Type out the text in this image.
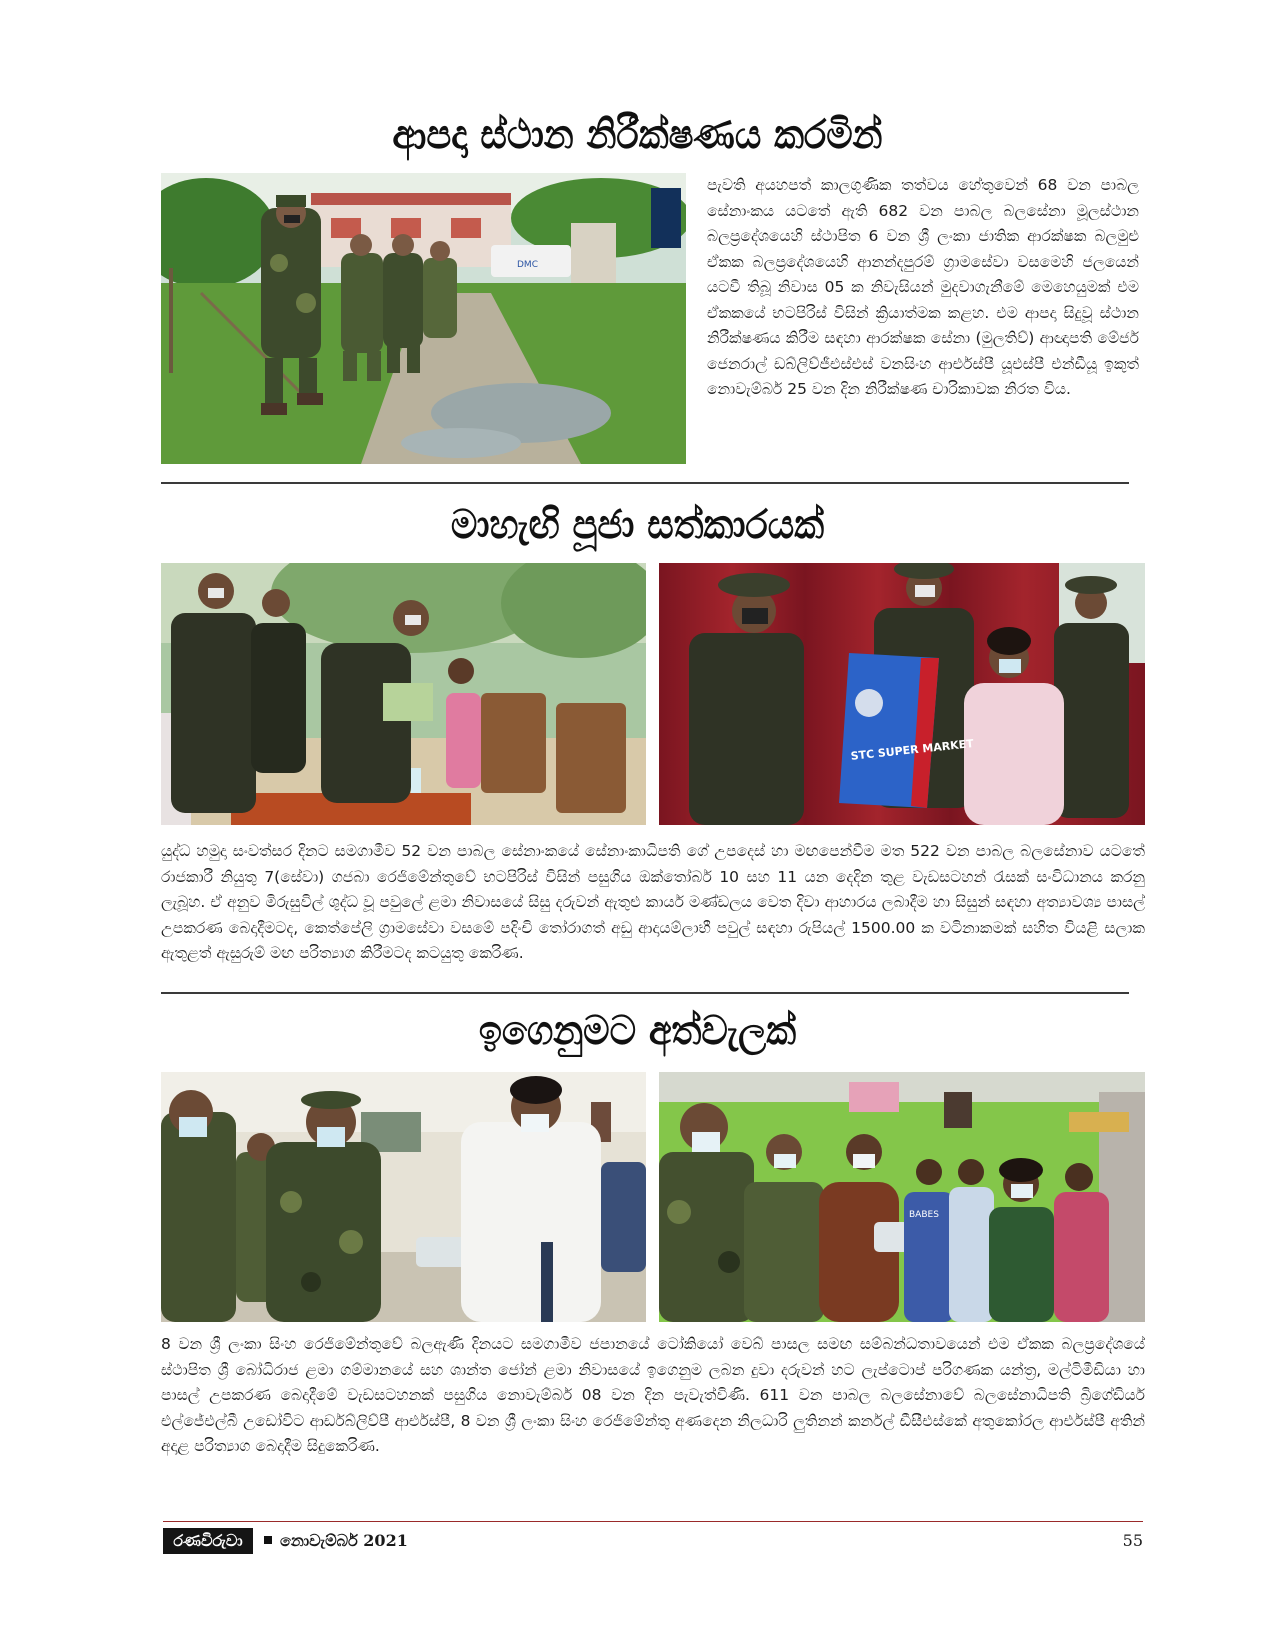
ආපදා ස්ථාන නිරීක්ෂණය කරමින්
DMC
පැවති අයහපත් කාලගුණික තත්වය හේතුවෙන් 68 වන පාබල සේනාංකය යටතේ ඇති 682 වන පාබල බලසේනා මූලස්ථාන බලප්‍රදේශයෙහි ස්ථාපිත 6 වන ශ්‍රී ලංකා ජාතික ආරක්ෂක බලමුළු ඒකක බලප්‍රදේශයෙහි ආනන්දපුරම් ග්‍රාමසේවා වසමෙහි ජලයෙන් යටවී තිබූ නිවාස 05 ක නිවැසියන් මුදවාගැනීමේ මෙහෙයුමක් එම ඒකකයේ භටපිරිස් විසින් ක්‍රියාත්මක කළහ. එම ආපදා සිදුවූ ස්ථාන නිරීක්ෂණය කිරීම සඳහා ආරක්ෂක සේනා (මුලතිව්) ආඥාපති මේජර් ජෙනරාල් ඩබ්ලිව්ජීඑස්එස් වනසිංහ ආර්එස්පී යූඑස්පී එන්ඩීයූ ඉකුත් නොවැම්බර් 25 වන දින නිරීක්ෂණ චාරිකාවක නිරත විය.
මාහැඟි පූජා සත්කාරයක්
STC SUPER MARKET
යුද්ධ හමුදා සංවත්සර දිනට සමගාමීව 52 වන පාබල සේනාංකයේ සේනාංකාධිපති ගේ උපදෙස් හා මඟපෙන්වීම මත 522 වන පාබල බලසේනාව යටතේ රාජකාරී නියුතු 7(සේවා) ගජබා රෙජිමේන්තුවේ භටපිරිස් විසින් පසුගිය ඔක්තෝබර් 10 සහ 11 යන දෙදින තුළ වැඩසටහන් රැසක් සංවිධානය කරනු ලැබූහ. ඒ අනුව මිරුසුවිල් ශුද්ධ වූ පවුලේ ළමා නිවාසයේ සිසු දරුවන් ඇතුළු කාර්ය මණ්ඩලය වෙත දිවා ආහාරය ලබාදීම හා සිසුන් සඳහා අත්‍යාවශ්‍ය පාසල් උපකරණ බෙදාදීමටද, කෙත්පේලි ග්‍රාමසේවා වසමේ පදිංචි තෝරාගත් අඩු ආදායම්ලාභී පවුල් සඳහා රුපියල් 1500.00 ක වටිනාකමක් සහිත වියළි සලාක ඇතුළත් ඇසුරුම් මඟ පරිත්‍යාග කිරීමටද කටයුතු කෙරිණ.
ඉගෙනුමට අත්වැලක්
BABES
8 වන ශ්‍රී ලංකා සිංහ රෙජිමේන්තුවේ බලඇණි දිනයට සමගාමීව ජපානයේ ටෝකියෝ වෙබ් පාසල සමඟ සම්බන්ධතාවයෙන් එම ඒකක බලප්‍රදේශයේ ස්ථාපිත ශ්‍රී බෝධිරාජ ළමා ගම්මානයේ සහ ශාන්ත ජෝන් ළමා නිවාසයේ ඉගෙනුම ලබන දුවා දරුවන් හට ලැප්ටොප් පරිගණක යන්ත්‍ර, මල්ටිමීඩියා හා පාසල් උපකරණ බෙදාදීමේ වැඩසටහනක් පසුගිය නොවැම්බර් 08 වන දින පැවැත්විණි. 611 වන පාබල බලසේනාවේ බලසේනාධිපති බ්‍රිගේඩියර් එල්ජේඑල්බී උඩෝවිට ආර්ඩබ්ලිව්පී ආර්එස්පී, 8 වන ශ්‍රී ලංකා සිංහ රෙජිමේන්තු අණදෙන නිලධාරි ලුතිනන් කර්නල් ඩීසීඑස්කේ අතුකෝරල ආර්එස්පී අතින් අදාළ පරිත්‍යාග බෙදාදීම සිදුකෙරිණ.
රණවිරුවා	නොවැම්බර් 2021	55
